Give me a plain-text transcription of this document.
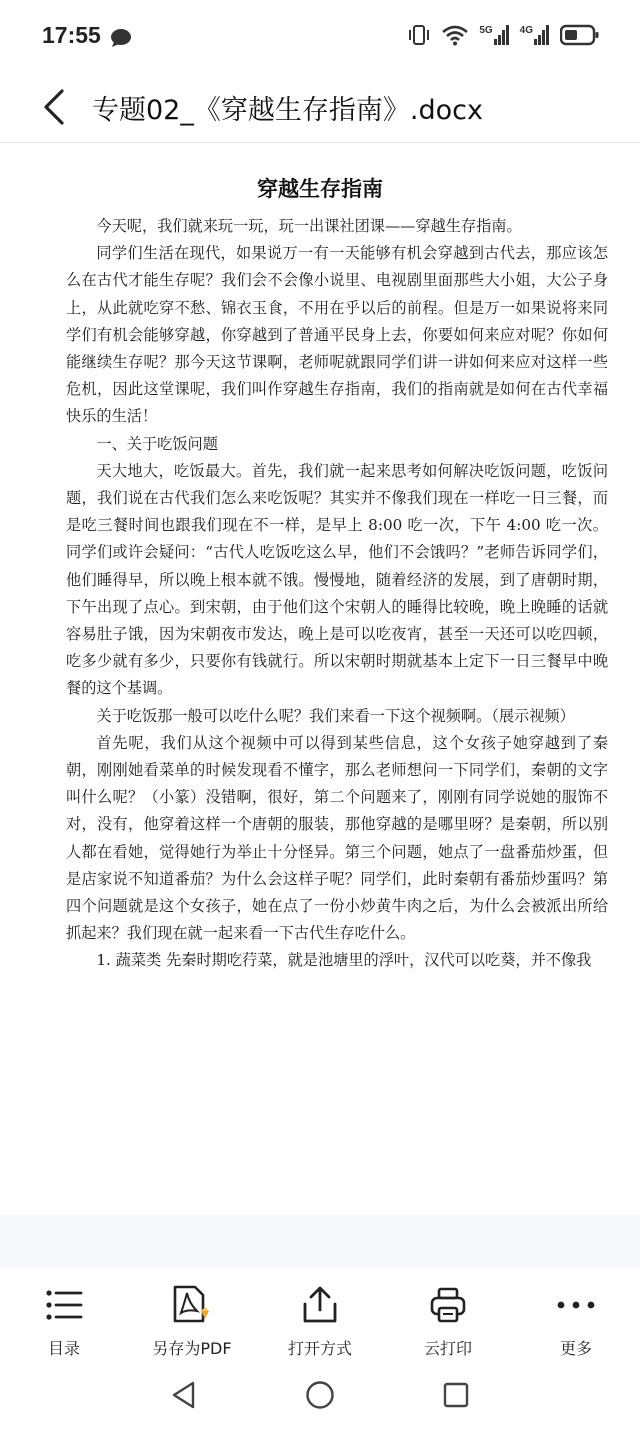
17:55	5G	4G
专题02_《穿越生存指南》.docx
穿越生存指南

今天呢，我们就来玩一玩，玩一出课社团课——穿越生存指南。

同学们生活在现代，如果说万一有一天能够有机会穿越到古代去，那应该怎么在古代才能生存呢？我们会不会像小说里、电视剧里面那些大小姐，大公子身上，从此就吃穿不愁、锦衣玉食，不用在乎以后的前程。但是万一如果说将来同学们有机会能够穿越，你穿越到了普通平民身上去，你要如何来应对呢？你如何能继续生存呢？那今天这节课啊，老师呢就跟同学们讲一讲如何来应对这样一些危机，因此这堂课呢，我们叫作穿越生存指南，我们的指南就是如何在古代幸福快乐的生活！

一、关于吃饭问题

天大地大，吃饭最大。首先，我们就一起来思考如何解决吃饭问题，吃饭问题，我们说在古代我们怎么来吃饭呢？其实并不像我们现在一样吃一日三餐，而是吃三餐时间也跟我们现在不一样，是早上 8:00 吃一次，下午 4:00 吃一次。同学们或许会疑问：“古代人吃饭吃这么早，他们不会饿吗？”老师告诉同学们，他们睡得早，所以晚上根本就不饿。慢慢地，随着经济的发展，到了唐朝时期，下午出现了点心。到宋朝，由于他们这个宋朝人的睡得比较晚，晚上晚睡的话就容易肚子饿，因为宋朝夜市发达，晚上是可以吃夜宵，甚至一天还可以吃四顿，吃多少就有多少，只要你有钱就行。所以宋朝时期就基本上定下一日三餐早中晚餐的这个基调。

关于吃饭那一般可以吃什么呢？我们来看一下这个视频啊。（展示视频）

首先呢，我们从这个视频中可以得到某些信息，这个女孩子她穿越到了秦朝，刚刚她看菜单的时候发现看不懂字，那么老师想问一下同学们，秦朝的文字叫什么呢？（小篆）没错啊，很好，第二个问题来了，刚刚有同学说她的服饰不对，没有，他穿着这样一个唐朝的服装，那他穿越的是哪里呀？是秦朝，所以别人都在看她，觉得她行为举止十分怪异。第三个问题，她点了一盘番茄炒蛋，但是店家说不知道番茄？为什么会这样子呢？同学们，此时秦朝有番茄炒蛋吗？第四个问题就是这个女孩子，她在点了一份小炒黄牛肉之后，为什么会被派出所给抓起来？我们现在就一起来看一下古代生存吃什么。

1. 蔬菜类 先秦时期吃荇菜，就是池塘里的浮叶，汉代可以吃葵，并不像我

目录	另存为PDF	打开方式	云打印	更多
